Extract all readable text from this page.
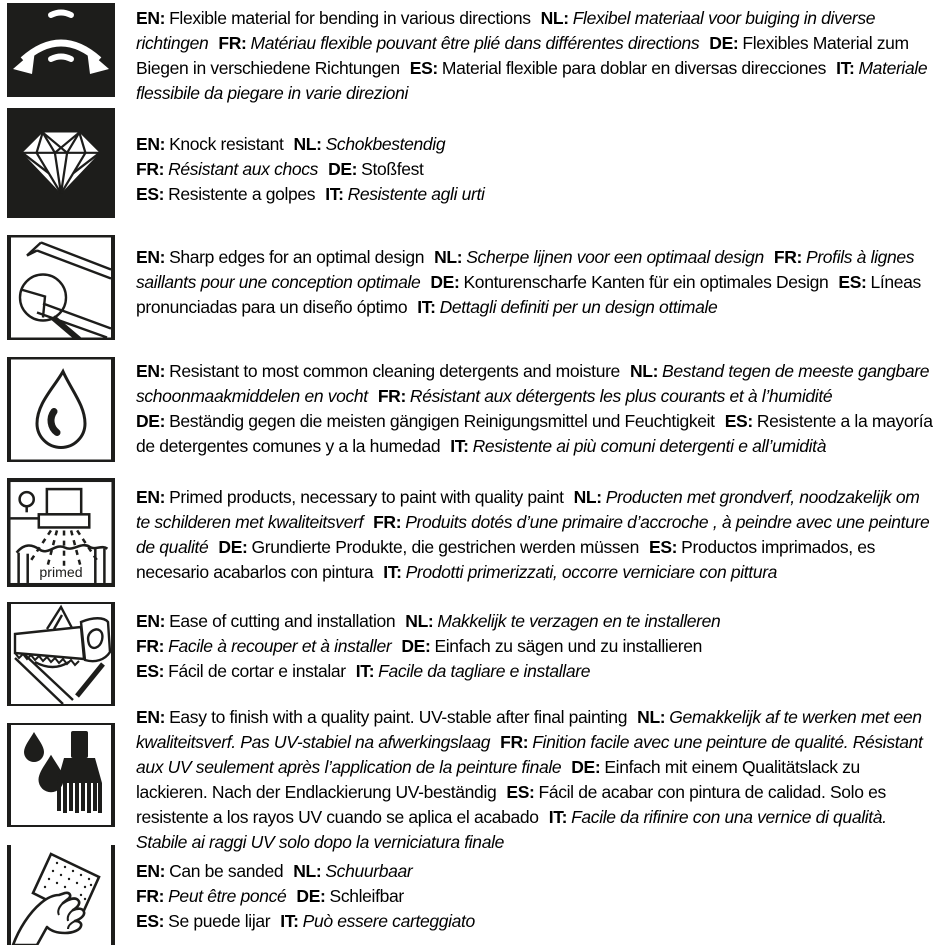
EN: Flexible material for bending in various directions NL: Flexibel materiaal voor buiging in diverse richtingen FR: Matériau flexible pouvant être plié dans différentes directions DE: Flexibles Material zum Biegen in verschiedene Richtungen ES: Material flexible para doblar en diversas direcciones IT: Materiale flessibile da piegare in varie direzioni
EN: Knock resistant NL: Schokbestendig
FR: Résistant aux chocs DE: Stoßfest
ES: Resistente a golpes IT: Resistente agli urti
EN: Sharp edges for an optimal design NL: Scherpe lijnen voor een optimaal design FR: Profils à lignes saillants pour une conception optimale DE: Konturenscharfe Kanten für ein optimales Design ES: Líneas pronunciadas para un diseño óptimo IT: Dettagli definiti per un design ottimale
EN: Resistant to most common cleaning detergents and moisture NL: Bestand tegen de meeste gangbare schoonmaakmiddelen en vocht FR: Résistant aux détergents les plus courants et à l’humiditéDE: Beständig gegen die meisten gängigen Reinigungsmittel und Feuchtigkeit ES: Resistente a la mayoría de detergentes comunes y a la humedad IT: Resistente ai più comuni detergenti e all’umidità
primed
EN: Primed products, necessary to paint with quality paint NL: Producten met grondverf, noodzakelijk om te schilderen met kwaliteitsverf FR: Produits dotés d’une primaire d’accroche , à peindre avec une peinture de qualité DE: Grundierte Produkte, die gestrichen werden müssen ES: Productos imprimados, es necesario acabarlos con pintura IT: Prodotti primerizzati, occorre verniciare con pittura
EN: Ease of cutting and installation NL: Makkelijk te verzagen en te installeren
FR: Facile à recouper et à installer DE: Einfach zu sägen und zu installieren
ES: Fácil de cortar e instalar IT: Facile da tagliare e installare
EN: Easy to finish with a quality paint. UV-stable after final painting NL: Gemakkelijk af te werken met een kwaliteitsverf. Pas UV-stabiel na afwerkingslaag FR: Finition facile avec une peinture de qualité. Résistant aux UV seulement après l’application de la peinture finale DE: Einfach mit einem Qualitätslack zu lackieren. Nach der Endlackierung UV-beständig ES: Fácil de acabar con pintura de calidad. Solo es resistente a los rayos UV cuando se aplica el acabado IT: Facile da rifinire con una vernice di qualità. Stabile ai raggi UV solo dopo la verniciatura finale
EN: Can be sanded NL: Schuurbaar
FR: Peut être poncé DE: Schleifbar
ES: Se puede lijar IT: Può essere carteggiato
